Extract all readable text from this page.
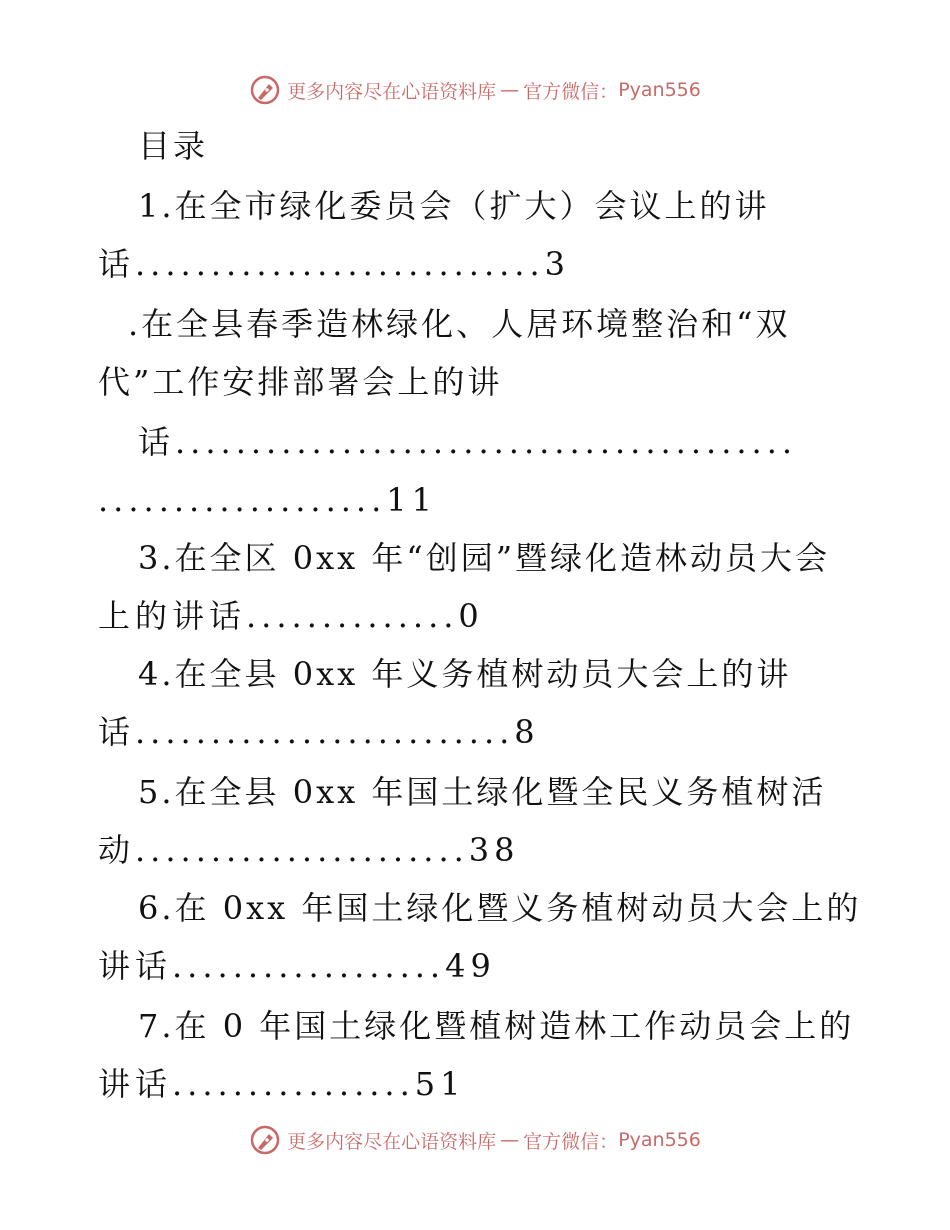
更多内容尽在心语资料库 — 官方微信： Pyan556
目录
1.在全市绿化委员会（扩大）会议上的讲
话...........................3
.在全县春季造林绿化、人居环境整治和“双
代”工作安排部署会上的讲
话.........................................
...................11
3.在全区 0xx 年“创园”暨绿化造林动员大会
上的讲话..............0
4.在全县 0xx 年义务植树动员大会上的讲
话.........................8
5.在全县 0xx 年国土绿化暨全民义务植树活
动......................38
6.在 0xx 年国土绿化暨义务植树动员大会上的
讲话..................49
7.在 0 年国土绿化暨植树造林工作动员会上的
讲话................51
更多内容尽在心语资料库 — 官方微信： Pyan556
